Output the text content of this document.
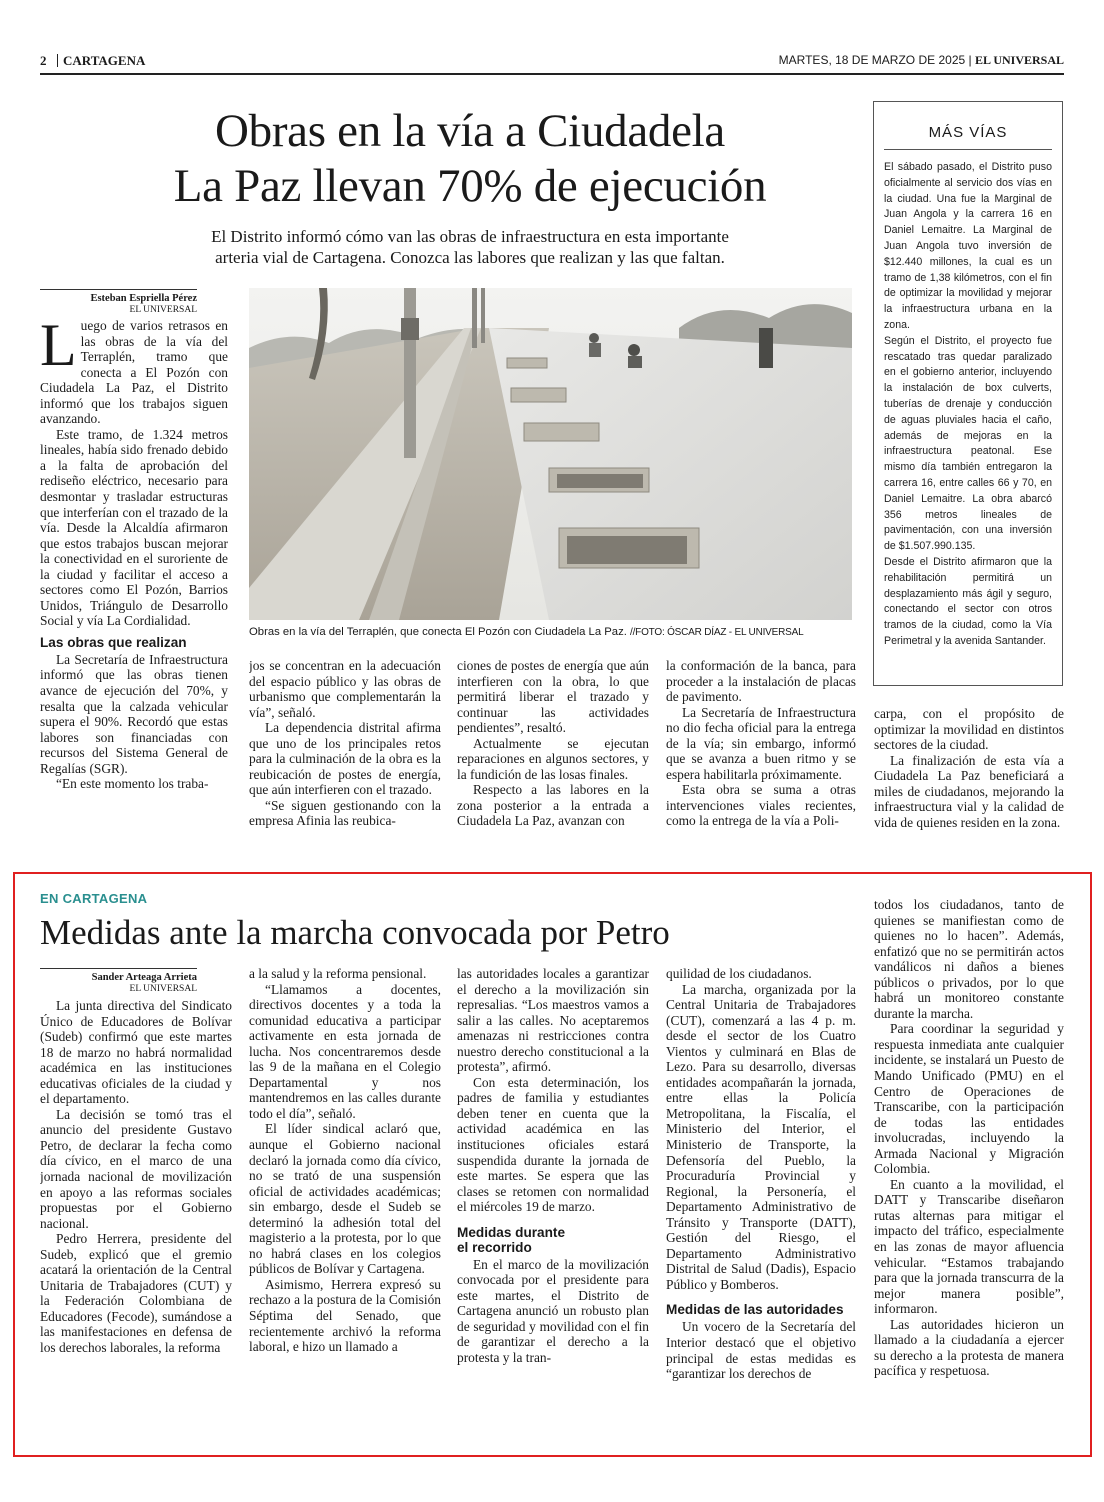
2 CARTAGENA	MARTES, 18 DE MARZO DE 2025 | EL UNIVERSAL
Obras en la vía a Ciudadela
La Paz llevan 70% de ejecución
El Distrito informó cómo van las obras de infraestructura en esta importante
arteria vial de Cartagena. Conozca las labores que realizan y las que faltan.
MÁS VÍAS

El sábado pasado, el Distrito puso oficialmente al servicio dos vías en la ciudad. Una fue la Marginal de Juan Angola y la carrera 16 en Daniel Lemaitre. La Marginal de Juan Angola tuvo inversión de $12.440 millones, la cual es un tramo de 1,38 kilómetros, con el fin de optimizar la movilidad y mejorar la infraestructura urbana en la zona.

Según el Distrito, el proyecto fue rescatado tras quedar paralizado en el gobierno anterior, incluyendo la instalación de box culverts, tuberías de drenaje y conducción de aguas pluviales hacia el caño, además de mejoras en la infraestructura peatonal. Ese mismo día también entregaron la carrera 16, entre calles 66 y 70, en Daniel Lemaitre. La obra abarcó 356 metros lineales de pavimentación, con una inversión de $1.507.990.135.

Desde el Distrito afirmaron que la rehabilitación permitirá un desplazamiento más ágil y seguro, conectando el sector con otros tramos de la ciudad, como la Vía Perimetral y la avenida Santander.

Esteban Espriella Pérez
EL UNIVERSAL

Luego de varios retrasos en las obras de la vía del Terraplén, tramo que conecta a El Pozón con Ciudadela La Paz, el Distrito informó que los trabajos siguen avanzando.

Este tramo, de 1.324 metros lineales, había sido frenado debido a la falta de aprobación del rediseño eléctrico, necesario para desmontar y trasladar estructuras que interferían con el trazado de la vía. Desde la Alcaldía afirmaron que estos trabajos buscan mejorar la conectividad en el suroriente de la ciudad y facilitar el acceso a sectores como El Pozón, Barrios Unidos, Triángulo de Desarrollo Social y vía La Cordialidad.

Las obras que realizan

La Secretaría de Infraestructura informó que las obras tienen avance de ejecución del 70%, y resalta que la calzada vehicular supera el 90%. Recordó que estas labores son financiadas con recursos del Sistema General de Regalías (SGR).

“En este momento los traba-

Obras en la vía del Terraplén, que conecta El Pozón con Ciudadela La Paz. //FOTO: ÓSCAR DÍAZ - EL UNIVERSAL

jos se concentran en la adecuación del espacio público y las obras de urbanismo que complementarán la vía”, señaló.

La dependencia distrital afirma que uno de los principales retos para la culminación de la obra es la reubicación de postes de energía, que aún interfieren con el trazado.

“Se siguen gestionando con la empresa Afinia las reubica-

ciones de postes de energía que aún interfieren con la obra, lo que permitirá liberar el trazado y continuar las actividades pendientes”, resaltó.

Actualmente se ejecutan reparaciones en algunos sectores, y la fundición de las losas finales.

Respecto a las labores en la zona posterior a la entrada a Ciudadela La Paz, avanzan con

la conformación de la banca, para proceder a la instalación de placas de pavimento.

La Secretaría de Infraestructura no dio fecha oficial para la entrega de la vía; sin embargo, informó que se avanza a buen ritmo y se espera habilitarla próximamente.

Esta obra se suma a otras intervenciones viales recientes, como la entrega de la vía a Poli-

carpa, con el propósito de optimizar la movilidad en distintos sectores de la ciudad.

La finalización de esta vía a Ciudadela La Paz beneficiará a miles de ciudadanos, mejorando la infraestructura vial y la calidad de vida de quienes residen en la zona.

EN CARTAGENA
Medidas ante la marcha convocada por Petro
Sander Arteaga Arrieta
EL UNIVERSAL

La junta directiva del Sindicato Único de Educadores de Bolívar (Sudeb) confirmó que este martes 18 de marzo no habrá normalidad académica en las instituciones educativas oficiales de la ciudad y el departamento.

La decisión se tomó tras el anuncio del presidente Gustavo Petro, de declarar la fecha como día cívico, en el marco de una jornada nacional de movilización en apoyo a las reformas sociales propuestas por el Gobierno nacional.

Pedro Herrera, presidente del Sudeb, explicó que el gremio acatará la orientación de la Central Unitaria de Trabajadores (CUT) y la Federación Colombiana de Educadores (Fecode), sumándose a las manifestaciones en defensa de los derechos laborales, la reforma

a la salud y la reforma pensional.

“Llamamos a docentes, directivos docentes y a toda la comunidad educativa a participar activamente en esta jornada de lucha. Nos concentraremos desde las 9 de la mañana en el Colegio Departamental y nos mantendremos en las calles durante todo el día”, señaló.

El líder sindical aclaró que, aunque el Gobierno nacional declaró la jornada como día cívico, no se trató de una suspensión oficial de actividades académicas; sin embargo, desde el Sudeb se determinó la adhesión total del magisterio a la protesta, por lo que no habrá clases en los colegios públicos de Bolívar y Cartagena.

Asimismo, Herrera expresó su rechazo a la postura de la Comisión Séptima del Senado, que recientemente archivó la reforma laboral, e hizo un llamado a

las autoridades locales a garantizar el derecho a la movilización sin represalias. “Los maestros vamos a salir a las calles. No aceptaremos amenazas ni restricciones contra nuestro derecho constitucional a la protesta”, afirmó.

Con esta determinación, los padres de familia y estudiantes deben tener en cuenta que la actividad académica en las instituciones oficiales estará suspendida durante la jornada de este martes. Se espera que las clases se retomen con normalidad el miércoles 19 de marzo.

Medidas durante
el recorrido

En el marco de la movilización convocada por el presidente para este martes, el Distrito de Cartagena anunció un robusto plan de seguridad y movilidad con el fin de garantizar el derecho a la protesta y la tran-

quilidad de los ciudadanos.

La marcha, organizada por la Central Unitaria de Trabajadores (CUT), comenzará a las 4 p. m. desde el sector de los Cuatro Vientos y culminará en Blas de Lezo. Para su desarrollo, diversas entidades acompañarán la jornada, entre ellas la Policía Metropolitana, la Fiscalía, el Ministerio del Interior, el Ministerio de Transporte, la Defensoría del Pueblo, la Procuraduría Provincial y Regional, la Personería, el Departamento Administrativo de Tránsito y Transporte (DATT), Gestión del Riesgo, el Departamento Administrativo Distrital de Salud (Dadis), Espacio Público y Bomberos.

Medidas de las autoridades

Un vocero de la Secretaría del Interior destacó que el objetivo principal de estas medidas es “garantizar los derechos de

todos los ciudadanos, tanto de quienes se manifiestan como de quienes no lo hacen”. Además, enfatizó que no se permitirán actos vandálicos ni daños a bienes públicos o privados, por lo que habrá un monitoreo constante durante la marcha.

Para coordinar la seguridad y respuesta inmediata ante cualquier incidente, se instalará un Puesto de Mando Unificado (PMU) en el Centro de Operaciones de Transcaribe, con la participación de todas las entidades involucradas, incluyendo la Armada Nacional y Migración Colombia.

En cuanto a la movilidad, el DATT y Transcaribe diseñaron rutas alternas para mitigar el impacto del tráfico, especialmente en las zonas de mayor afluencia vehicular. “Estamos trabajando para que la jornada transcurra de la mejor manera posible”, informaron.

Las autoridades hicieron un llamado a la ciudadanía a ejercer su derecho a la protesta de manera pacífica y respetuosa.
